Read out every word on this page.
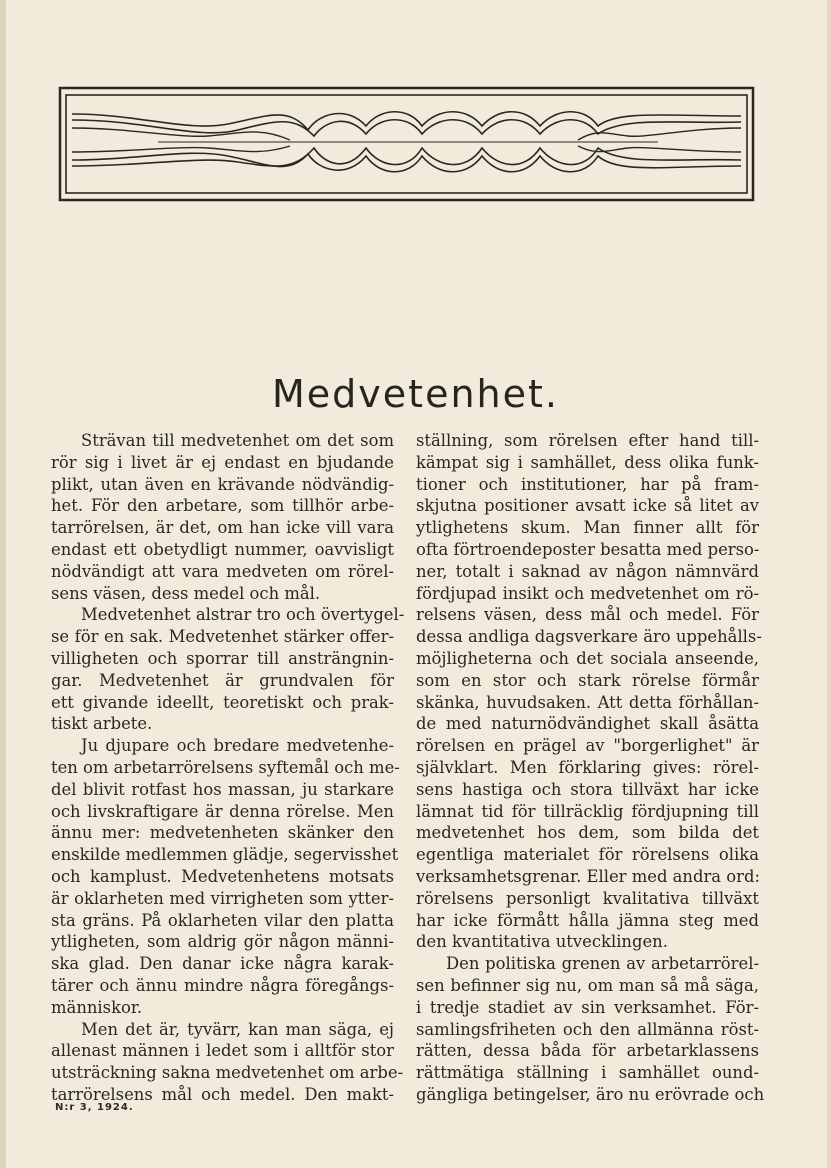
Medvetenhet.

Strävan till medvetenhet om det som
rör sig i livet är ej endast en bjudande
plikt, utan även en krävande nödvändig-
het. För den arbetare, som tillhör arbe-
tarrörelsen, är det, om han icke vill vara
endast ett obetydligt nummer, oavvisligt
nödvändigt att vara medveten om rörel-
sens väsen, dess medel och mål.

Medvetenhet alstrar tro och övertygel-
se för en sak. Medvetenhet stärker offer-
villigheten och sporrar till ansträngnin-
gar. Medvetenhet är grundvalen för
ett givande ideellt, teoretiskt och prak-
tiskt arbete.

Ju djupare och bredare medvetenhe-
ten om arbetarrörelsens syftemål och me-
del blivit rotfast hos massan, ju starkare
och livskraftigare är denna rörelse. Men
ännu mer: medvetenheten skänker den
enskilde medlemmen glädje, segervisshet
och kamplust. Medvetenhetens motsats
är oklarheten med virrigheten som ytter-
sta gräns. På oklarheten vilar den platta
ytligheten, som aldrig gör någon männi-
ska glad. Den danar icke några karak-
tärer och ännu mindre några föregångs-
människor.

Men det är, tyvärr, kan man säga, ej
allenast männen i ledet som i alltför stor
utsträckning sakna medvetenhet om arbe-
tarrörelsens mål och medel. Den makt-

ställning, som rörelsen efter hand till-
kämpat sig i samhället, dess olika funk-
tioner och institutioner, har på fram-
skjutna positioner avsatt icke så litet av
ytlighetens skum. Man finner allt för
ofta förtroendeposter besatta med perso-
ner, totalt i saknad av någon nämnvärd
fördjupad insikt och medvetenhet om rö-
relsens väsen, dess mål och medel. För
dessa andliga dagsverkare äro uppehålls-
möjligheterna och det sociala anseende,
som en stor och stark rörelse förmår
skänka, huvudsaken. Att detta förhållan-
de med naturnödvändighet skall åsätta
rörelsen en prägel av "borgerlighet" är
självklart. Men förklaring gives: rörel-
sens hastiga och stora tillväxt har icke
lämnat tid för tillräcklig fördjupning till
medvetenhet hos dem, som bilda det
egentliga materialet för rörelsens olika
verksamhetsgrenar. Eller med andra ord:
rörelsens personligt kvalitativa tillväxt
har icke förmått hålla jämna steg med
den kvantitativa utvecklingen.

Den politiska grenen av arbetarrörel-
sen befinner sig nu, om man så må säga,
i tredje stadiet av sin verksamhet. För-
samlingsfriheten och den allmänna röst-
rätten, dessa båda för arbetarklassens
rättmätiga ställning i samhället ound-
gängliga betingelser, äro nu erövrade och

N:r 3, 1924.
